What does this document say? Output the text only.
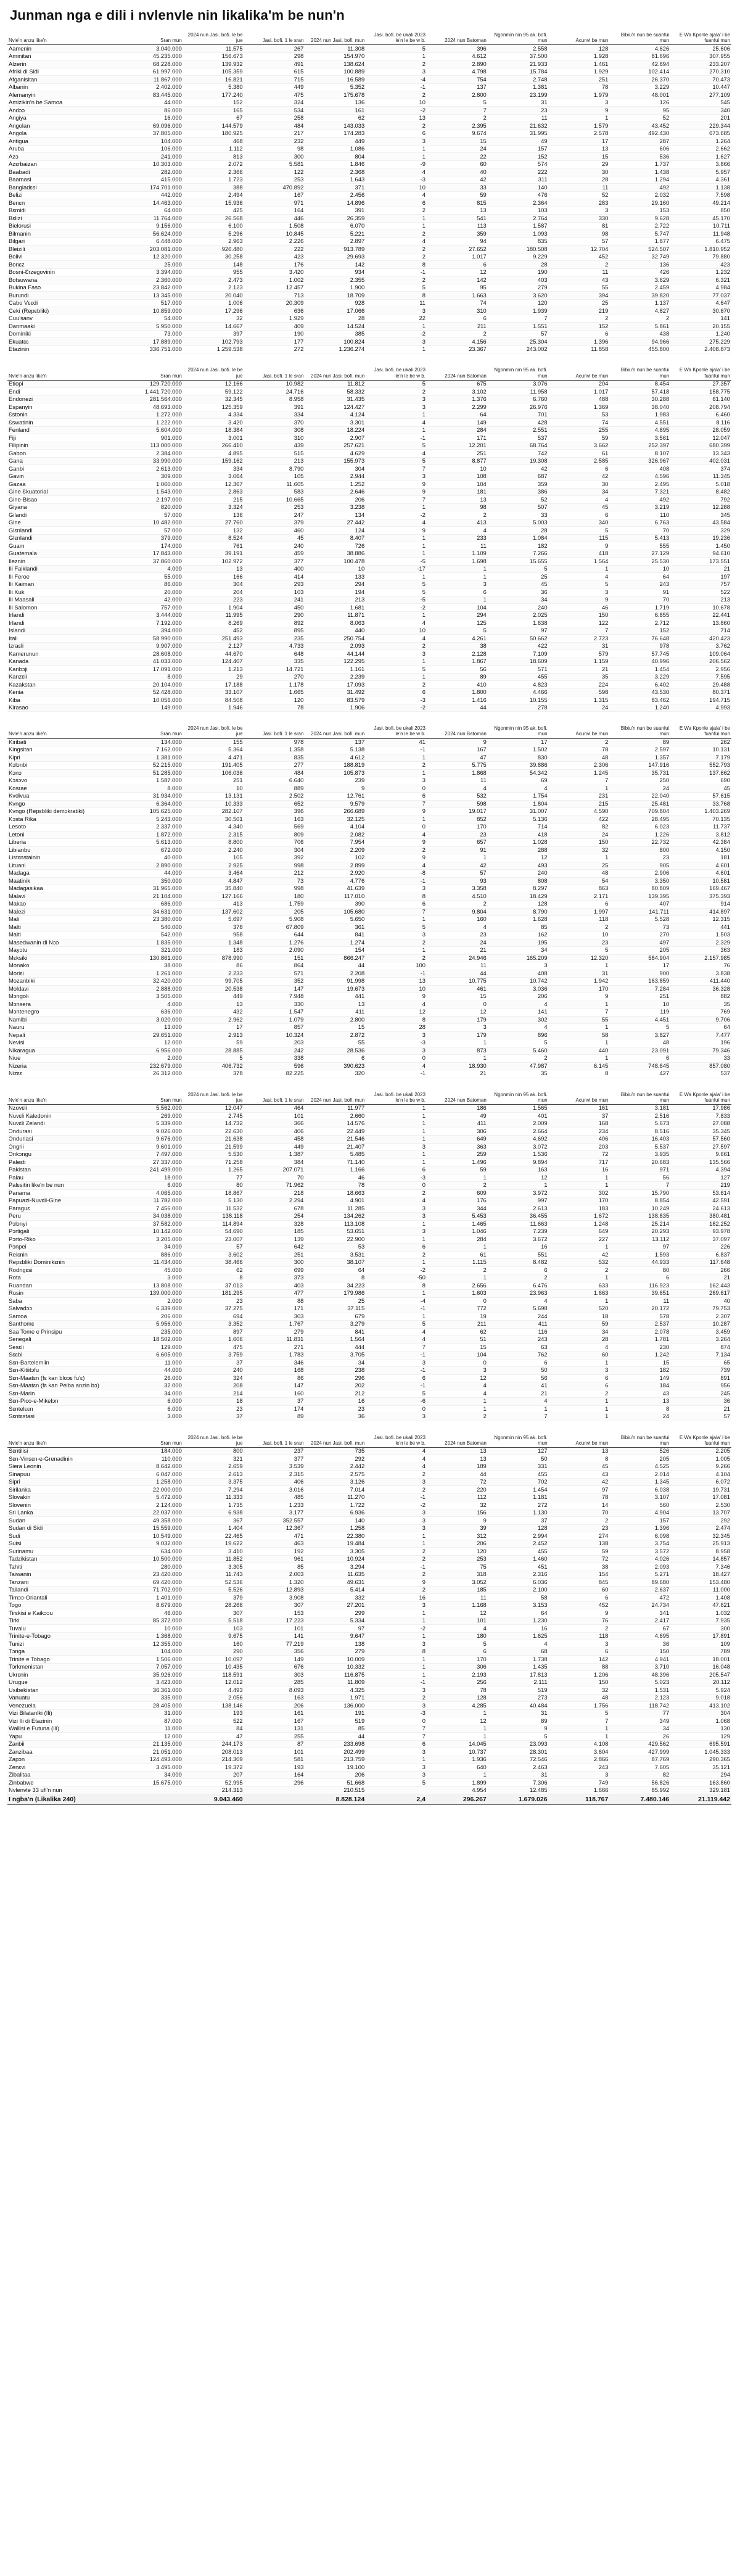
Junman nga e dili i nvlenvle nin likalika'm be nun'n
Nvle'n anzu like'n	Sran mun	2024 nun Jasi. bofi. le be jue	Jasi. bofi. 1 le sran	2024 nun Jasi. bofi. mun	Jasi. bofi. be ukali 2023 le'n le be w b.	2024 nun Batoman	Ngonmin nin 95 ak. bofi. mun	Acunvi be mun	Bibiu'n nun be suanfui mun	E Wa Kponle ajala' i be fuanfui mun
Aamenin	3.040.000	11.575	267	11.308	5	396	2.558	128	4.626	25.606
Aminitan	45.235.000	156.673	298	154.970	1	4.612	37.500	1.928	81.696	307.955
Alzerin	68.228.000	139.932	491	138.624	2	2.890	21.933	1.461	42.894	233.207
Afriki di Sidi	61.997.000	105.359	615	100.889	3	4.798	15.784	1.929	102.414	270.310
Afganisitan	11.867.000	16.821	715	16.589	-4	754	2.748	251	26.370	70.473
Albanin	2.402.000	5.380	449	5.352	-1	137	1.381	78	3.229	10.447
Alemanyin	83.445.000	177.240	475	175.678	2	2.800	23.199	1.979	48.001	277.109
Amizikin'n be Samoa	44.000	152	324	136	10	5	31	3	126	545
Andɔɔ	86.000	165	534	161	-2	7	23	9	95	340
Angiya	16.000	67	258	62	13	2	11	1	52	201
Angolan	69.096.000	144.579	484	143.033	2	2.395	21.632	1.579	43.452	229.344
Angola	37.805.000	180.925	217	174.283	6	9.674	31.995	2.578	492.430	673.685
Antigua	104.000	468	232	449	3	15	49	17	287	1.264
Aruba	106.000	1.112	98	1.086	1	24	157	13	606	2.662
Azɔ	241.000	813	300	804	1	22	152	15	536	1.627
Azɛrbaizan	10.303.000	2.072	5.581	1.846	-9	60	574	29	1.737	3.866
Baabadi	282.000	2.366	122	2.368	4	40	222	30	1.438	5.957
Baamasi	415.000	1.723	253	1.643	-3	42	311	28	1.294	4.361
Bangladɛsi	174.701.000	388	470.892	371	10	33	140	11	492	1.138
Belizi	442.000	2.494	167	2.456	4	59	476	52	2.032	7.598
Benɛn	14.463.000	15.936	971	14.896	6	815	2.364	283	29.160	49.214
Bɛmidi	64.000	425	164	391	2	13	103	3	153	850
Bɛlizi	11.764.000	26.568	446	26.359	1	541	2.764	330	9.628	45.170
Bielorusi	9.156.000	6.100	1.508	6.070	1	113	1.587	81	2.722	10.711
Bilmanin	56.624.000	5.296	10.845	5.221	2	359	1.093	98	5.747	11.948
Bilgari	6.448.000	2.963	2.226	2.897	4	94	835	57	1.877	6.475
Bleizili	203.081.000	926.480	222	913.789	2	27.652	180.508	12.704	524.507	1.810.952
Bolivi	12.320.000	30.258	423	29.693	2	1.017	9.229	452	32.749	79.880
Bonɛz	25.000	148	176	142	8	6	28	2	136	423
Bosni-Ɛrzegovinin	3.394.000	955	3.420	934	-1	12	190	11	426	1.232
Botsuwana	2.360.000	2.473	1.002	2.355	2	142	403	43	3.629	6.321
Bukina Faso	23.842.000	2.123	12.457	1.900	5	95	279	55	2.459	4.984
Burundi	13.345.000	20.040	713	18.709	8	1.663	3.620	394	39.820	77.037
Cabo Vɛɛdi	517.000	1.006	20.309	928	11	74	120	25	1.137	4.647
Ceki (Repɛbliki)	10.859.000	17.296	636	17.066	3	310	1.939	219	4.827	30.670
Cuu'sanv	54.000	32	1.929	28	22	6	7	2	2	141
Danmaaki	5.950.000	14.667	409	14.524	1	211	1.551	152	5.861	20.155
Dominiki	73.000	397	190	385	-2	2	57	6	438	1.240
Ekuatɛɛ	17.889.000	102.793	177	100.824	3	4.156	25.304	1.396	94.966	275.229
Etazinin	336.751.000	1.259.538	272	1.236.274	1	23.367	243.002	11.858	455.800	2.408.873
Nvle'n anzu like'n	Sran mun	2024 nun Jasi. bofi. le be jue	Jasi. bofi. 1 le sran	2024 nun Jasi. bofi. mun	Jasi. bofi. be ukali 2023 le'n le be w b.	2024 nun Batoman	Ngonmin nin 95 ak. bofi. mun	Acunvi be mun	Bibiu'n nun be suanfui mun	E Wa Kponle ajala' i be fuanfui mun
Etiopi	129.720.000	12.166	10.982	11.812	5	675	3.076	204	8.454	27.357
Endi	1.441.720.000	59.122	24.716	58.332	2	3.102	11.958	1.017	57.418	158.775
Endonezi	281.564.000	32.345	8.958	31.435	3	1.376	6.760	488	30.288	61.140
Espanyin	48.693.000	125.359	391	124.427	3	2.299	26.976	1.369	38.040	208.794
Ɛstonin	1.272.000	4.334	334	4.124	1	64	701	53	1.983	6.460
Ɛswatinin	1.222.000	3.420	370	3.301	4	149	428	74	4.551	8.116
Fenland	5.604.000	18.384	308	18.224	1	284	2.551	255	4.895	28.059
Fiji	901.000	3.001	310	2.907	-1	171	537	59	3.561	12.047
Filipinin	113.000.000	266.410	439	257.621	5	12.201	68.764	3.662	252.397	680.399
Gabon	2.384.000	4.895	515	4.629	4	251	742	61	8.107	13.343
Gana	33.990.000	159.162	213	155.973	5	8.877	19.308	2.585	326.967	402.031
Ganbi	2.613.000	334	8.790	304	7	10	42	6	408	374
Gavin	309.000	3.064	105	2.944	3	108	687	42	4.596	11.345
Gazaa	1.060.000	12.367	11.605	1.252	9	104	359	30	2.495	5.018
Gine Ɛkuatorial	1.543.000	2.863	583	2.646	9	181	386	34	7.321	8.482
Gine-Bisao	2.197.000	215	10.665	206	7	13	52	4	492	792
Giyana	820.000	3.324	253	3.238	1	98	507	45	3.219	12.288
Gilandi	57.000	136	247	134	-2	2	33	6	110	345
Gine	10.482.000	27.760	379	27.442	4	413	5.003	340	6.763	43.584
Glɛnlandi	57.000	132	460	124	9	4	28	5	70	329
Glɛnlandi	379.000	8.524	45	8.407	1	233	1.084	115	5.413	19.236
Guam	174.000	761	240	726	1	11	182	9	555	1.450
Guatemala	17.843.000	39.191	459	38.886	1	1.109	7.266	418	27.129	94.610
Ileznin	37.860.000	102.972	377	100.478	-5	1.698	15.655	1.564	25.530	173.551
Ili Falklandi	4.000	13	400	10	-17	1	5	1	10	21
Ili Feroe	55.000	166	414	133	1	1	25	4	64	197
Ili Kaiman	86.000	304	293	294	5	3	45	5	243	757
Ili Kuk	20.000	204	103	194	5	6	36	3	91	522
Ili Maasali	42.000	223	241	213	-5	1	34	9	70	213
Ili Salomon	757.000	1.904	450	1.681	-2	104	240	46	1.719	10.678
Irlandi	3.444.000	11.995	290	11.871	1	294	2.025	150	6.855	22.441
Irlandi	7.192.000	8.269	892	8.063	4	125	1.638	122	2.712	13.860
Islandi	394.000	452	895	440	10	5	97	7	152	714
Itali	58.990.000	251.493	235	250.754	4	4.261	50.662	2.723	76.648	420.423
Izraɛli	9.907.000	2.127	4.733	2.093	2	38	422	31	978	3.762
Kamerunun	28.608.000	44.670	648	44.144	3	2.128	7.109	579	57.745	109.064
Kanada	41.033.000	124.407	335	122.295	1	1.867	18.609	1.159	40.996	206.562
Kanbɔji	17.091.000	1.213	14.721	1.161	5	56	571	21	1.454	2.956
Kanzɛli	8.000	29	270	2.239	1	89	455	35	3.229	7.595
Kazakstan	20.104.000	17.188	1.178	17.093	2	410	4.823	224	6.402	29.488
Kenia	52.428.000	33.107	1.665	31.492	6	1.800	4.466	598	43.530	80.371
Kiba	10.056.000	84.508	120	83.579	-3	1.416	10.155	1.315	83.462	194.715
Kirasao	149.000	1.946	78	1.906	-2	44	278	24	1.240	4.993
Nvle'n anzu like'n	Sran mun	2024 nun Jasi. bofi. le be jue	Jasi. bofi. 1 le sran	2024 nun Jasi. bofi. mun	Jasi. bofi. be ukali 2023 le'n le be w b.	2024 nun Batoman	Ngonmin nin 95 ak. bofi. mun	Acunvi be mun	Bibiu'n nun be suanfui mun	E Wa Kponle ajala' i be fuanfui mun
Kiribati	134.000	155	978	137	41	9	17	2	89	262
Kingsitan	7.162.000	5.364	1.358	5.138	-1	167	1.502	78	2.597	10.131
Kipri	1.381.000	4.471	835	4.612	1	47	830	48	1.357	7.179
Kɔlɔnbi	52.215.000	191.405	277	188.819	2	5.775	39.886	2.306	147.916	552.793
Kɔnɔ	51.285.000	106.036	484	105.873	1	1.868	54.342	1.245	35.731	137.662
Kɔsɔvo	1.587.000	251	6.640	239	3	11	69	7	250	690
Kosrae	8.000	10	889	9	0	4	4	1	24	45
Kvdivua	31.934.000	13.131	2.502	12.761	6	532	1.754	231	22.040	57.615
Kvngo	6.364.000	10.333	652	9.579	7	598	1.804	215	25.481	33.768
Kvngo (Repɛbliki demɔkratiki)	105.625.000	282.107	396	266.689	9	19.017	31.007	4.590	709.804	1.403.269
Kɔsta Rika	5.243.000	30.501	163	32.125	1	852	5.136	422	28.495	70.135
Lesoto	2.337.000	4.340	569	4.104	0	170	714	82	6.023	11.737
Letoni	1.872.000	2.315	809	2.082	4	23	418	24	1.226	3.812
Liberia	5.613.000	8.800	706	7.954	9	657	1.028	150	22.732	42.384
Libianbu	672.000	2.240	304	2.209	2	91	288	32	800	4.150
Listɛnstainin	40.000	105	392	102	9	1	12	1	23	181
Lituani	2.890.000	2.925	998	2.899	4	42	493	25	905	4.601
Madaga	44.000	3.464	212	2.920	-8	57	240	48	2.906	4.601
Maatinik	350.000	4.847	73	4.776	-1	93	808	54	3.350	10.581
Madagasikaa	31.965.000	35.840	998	41.639	3	3.358	8.297	863	80.809	169.467
Malavi	21.104.000	127.166	180	117.010	8	4.510	18.429	2.171	139.395	375.393
Makao	686.000	413	1.759	390	6	2	128	6	407	914
Malezi	34.631.000	137.602	205	105.680	7	9.804	8.790	1.997	141.711	414.897
Mali	23.380.000	5.697	5.908	5.650	1	160	1.628	118	5.528	12.315
Malti	540.000	378	67.809	361	5	4	85	2	73	441
Malti	542.000	958	644	841	3	23	162	10	270	1.503
Masedwanin di Nɔɔ	1.835.000	1.348	1.276	1.274	2	24	195	23	497	2.329
Mayɔtu	321.000	183	2.090	154	1	21	34	5	205	363
Mɛksiki	130.861.000	878.990	151	866.247	2	24.946	165.209	12.320	584.904	2.157.985
Monako	38.000	86	864	44	100	11	3	1	17	76
Moriɛi	1.261.000	2.233	571	2.208	-1	44	408	31	900	3.838
Mozanbiki	32.420.000	99.705	352	91.998	13	10.775	10.742	1.942	163.859	411.440
Moldavi	2.888.000	20.538	147	19.673	10	461	3.036	170	7.284	36.328
Mɔngoli	3.505.000	449	7.948	441	9	15	206	9	251	882
Mɔnsera	4.000	13	330	13	4	0	4	1	10	35
Mɔntenegro	636.000	432	1.547	411	12	12	141	7	119	769
Namibi	3.020.000	2.962	1.079	2.800	8	179	302	55	4.451	9.706
Nauru	13.000	17	857	15	28	3	4	1	5	64
Nepali	29.651.000	2.913	10.324	2.872	3	179	896	58	3.827	7.477
Nevisi	12.000	59	203	55	-3	1	5	1	48	196
Nikaragua	6.956.000	28.885	242	28.536	3	873	5.460	440	23.091	79.346
Niue	2.000	5	338	6	0	1	2	1	6	33
Nizeria	232.679.000	406.732	596	390.623	4	18.930	47.987	6.145	748.645	857.080
Nizɛɛ	26.312.000	378	82.225	320	-1	21	35	8	427	537
Nvle'n anzu like'n	Sran mun	2024 nun Jasi. bofi. le be jue	Jasi. bofi. 1 le sran	2024 nun Jasi. bofi. mun	Jasi. bofi. be ukali 2023 le'n le be w b.	2024 nun Batoman	Ngonmin nin 95 ak. bofi. mun	Acunvi be mun	Bibiu'n nun be suanfui mun	E Wa Kponle ajala' i be fuanfui mun
Nzovɛli	5.562.000	12.047	464	11.977	1	186	1.565	161	3.181	17.986
Nuvɛli Kaledonin	269.000	2.745	101	2.660	1	49	401	37	2.516	7.833
Nuvɛli Zelandi	5.339.000	14.732	366	14.576	1	411	2.009	168	5.673	27.088
Ɔndurasi	9.026.000	22.630	406	22.449	1	306	2.664	234	8.516	35.345
Ɔnduriasi	9.676.000	21.638	458	21.546	1	649	4.692	406	16.403	57.560
Ɔngrii	9.601.000	21.599	449	21.407	3	363	3.072	203	5.537	27.597
Ɔnkɔngu	7.497.000	5.530	1.387	5.485	1	259	1.536	72	3.935	9.661
Paleɛti	27.337.000	71.258	384	71.140	1	1.496	9.894	717	20.683	135.566
Pakistan	241.499.000	1.265	207.071	1.166	6	59	163	16	971	4.394
Palau	18.000	77	70	46	-3	1	12	1	56	127
Palɛsitin like'n be nun	6.000	80	71.962	78	0	2	1	1	7	219
Panama	4.065.000	18.867	218	18.663	2	609	3.972	302	15.790	53.614
Papuazi-Nuvɛli-Gine	11.782.000	5.130	2.294	4.901	4	176	997	170	8.854	42.591
Paraguɛ	7.456.000	11.532	678	11.285	3	344	2.613	183	10.249	24.613
Peru	34.038.000	138.118	254	134.262	3	5.453	36.455	1.672	138.835	380.481
Pɔlɔnyi	37.582.000	114.894	328	113.108	1	1.465	11.663	1.248	25.214	182.252
Pɔrtigali	10.142.000	54.690	185	53.651	3	1.046	7.239	649	20.293	93.978
Pɔrto-Riko	3.205.000	23.007	139	22.900	1	284	3.672	227	13.112	37.097
Pɔnpei	34.000	57	642	53	6	1	16	1	97	226
Reiɛnin	886.000	3.602	251	3.531	2	61	551	42	1.593	6.837
Repɛbliki Dominikɛnin	11.434.000	38.466	300	38.107	1	1.115	8.482	532	44.933	117.648
Rodrigɛsi	45.000	62	699	64	-2	2	6	2	80	266
Rota	3.000	8	373	8	-50	1	2	1	6	21
Ruandan	13.808.000	37.013	403	34.223	8	2.656	6.476	633	116.923	162.443
Rusin	139.000.000	181.295	477	179.986	1	1.603	23.963	1.663	39.651	269.617
Saba	2.000	23	88	25	-4	0	4	1	11	40
Salvadɔɔ	6.339.000	37.275	171	37.115	-1	772	5.698	520	20.172	79.753
Samoa	206.000	694	303	679	1	19	244	18	578	2.307
Santhɔmɛ	5.956.000	3.352	1.767	3.279	5	211	411	59	2.537	10.287
Saa Tome e Prinsipu	235.000	897	279	841	4	62	116	34	2.078	3.459
Senegali	18.502.000	1.606	11.831	1.564	4	51	243	28	1.781	3.264
Sesɛli	129.000	475	271	444	7	15	63	4	230	874
Sɛɛbi	6.605.000	3.759	1.783	3.705	-1	104	762	60	1.242	7.134
Sɛn-Bartelemiin	11.000	37	346	34	3	0	6	1	15	65
Sɛn-Kitiitɔfu	44.000	240	168	238	-1	3	50	3	182	739
Sɛn-Maatɛn (fɛ kan bloɔɛ fu'ɛ)	26.000	324	86	296	6	12	56	6	149	891
Sɛn-Maatɛn (fɛ kan Peiba anzin bɔ)	32.000	208	147	202	-1	4	41	6	184	956
Sɛn-Marin	34.000	214	160	212	5	4	21	2	43	245
Sɛn-Pico-e-Mikelɔn	6.000	18	37	16	-6	1	4	1	13	36
Sɛntelɛɛn	6.000	23	174	23	0	1	1	1	8	21
Sɛntɛstasi	3.000	37	89	36	3	2	7	1	24	57
Nvle'n anzu like'n	Sran mun	2024 nun Jasi. bofi. le be jue	Jasi. bofi. 1 le sran	2024 nun Jasi. bofi. mun	Jasi. bofi. be ukali 2023 le'n le be w b.	2024 nun Batoman	Ngonmin nin 95 ak. bofi. mun	Acunvi be mun	Bibiu'n nun be suanfui mun	E Wa Kponle ajala' i be fuanfui mun
Sɛntilisi	184.000	800	237	735	4	13	127	13	526	2.205
Sɛn-Vinsɛn-e-Grenadinin	110.000	321	377	292	4	13	50	8	205	1.005
Siera Leonin	8.642.000	2.659	3.539	2.442	4	189	331	45	4.525	9.266
Sinapuu	6.047.000	2.613	2.315	2.575	2	44	455	43	2.014	4.104
Sipri	1.258.000	3.375	406	3.126	3	72	702	42	1.345	6.072
Sirilanka	22.000.000	7.294	3.016	7.014	2	220	1.454	97	6.038	19.731
Slovakin	5.472.000	11.333	485	11.270	-1	112	1.181	78	3.107	17.081
Slovenin	2.124.000	1.735	1.233	1.722	-2	32	272	14	560	2.530
Sri Lanka	22.037.000	6.938	3.177	6.936	3	156	1.130	70	4.904	13.707
Sudan	49.358.000	367	352.557	140	3	9	37	2	157	292
Sudan di Sidi	15.559.000	1.404	12.367	1.258	3	39	128	23	1.396	2.474
Sudi	10.549.000	22.465	471	22.380	1	312	2.994	274	6.098	32.345
Suisi	9.032.000	19.622	463	19.484	1	206	2.452	138	3.754	25.913
Surinamu	634.000	3.410	192	3.305	2	120	455	59	3.572	8.958
Tadzikistan	10.500.000	11.852	961	10.924	2	253	1.460	72	4.026	14.857
Tahiti	280.000	3.305	85	3.294	-1	75	451	38	2.093	7.346
Taiwanin	23.420.000	11.743	2.003	11.635	2	318	2.316	154	5.271	18.427
Tanzani	69.420.000	52.536	1.320	49.631	9	3.052	6.036	845	89.680	153.480
Tailandi	71.702.000	5.526	12.893	5.414	2	185	2.100	60	2.637	11.000
Timɔɔ-Oriantali	1.401.000	379	3.908	332	16	11	58	6	472	1.408
Togo	8.679.000	28.266	307	27.201	3	1.168	3.153	452	24.734	47.621
Tirɛkisi e Kaikɔɔu	46.000	307	153	299	1	12	64	9	341	1.032
Tirki	85.372.000	5.518	17.223	5.334	1	101	1.230	76	2.417	7.935
Tuvalu	10.000	103	101	97	-2	4	16	2	67	300
Trinite-e-Tobago	1.368.000	9.675	141	9.647	1	180	1.625	118	4.695	17.891
Tunizi	12.355.000	160	77.219	138	3	5	4	3	36	109
Tɔnga	104.000	290	356	279	8	6	68	6	150	789
Trinite e Tobago	1.506.000	10.097	149	10.009	1	170	1.738	142	4.941	18.001
Tɔrkmenistan	7.057.000	10.435	676	10.332	1	306	1.435	88	3.710	16.048
Ukrɛnin	35.926.000	118.591	303	116.875	1	2.193	17.813	1.206	48.396	205.547
Urugue	3.423.000	12.012	285	11.809	-1	256	2.111	150	5.023	20.112
Usibekistan	36.361.000	4.493	8.093	4.325	3	78	519	32	1.531	5.924
Vanuatu	335.000	2.056	163	1.971	2	128	273	48	2.123	9.018
Venezuela	28.405.000	138.146	206	136.000	3	4.285	40.484	1.756	118.742	413.102
Vizi Bilatanlki (Ili)	31.000	193	161	191	-3	1	31	5	77	304
Vizi Ili di Etazinin	87.000	522	167	519	0	12	89	7	349	1.068
Wallisi e Futuna (Ili)	11.000	84	131	85	7	1	9	1	34	130
Yapu	12.000	47	255	44	7	1	5	1	26	129
Zanbii	21.135.000	244.173	87	233.698	6	14.045	23.093	4.108	429.562	695.591
Zanzibaa	21.051.000	208.013	101	202.499	3	10.737	28.301	3.604	427.999	1.045.333
Zapɔn	124.493.000	214.309	581	213.759	1	1.936	72.546	2.866	87.769	290.365
Zenɛvi	3.495.000	19.372	193	19.100	3	640	2.463	243	7.605	35.121
Zibalitaa	34.000	207	164	206	3	1	31	3	82	294
Zinbabwe	15.675.000	52.995	296	51.668	5	1.899	7.306	749	56.826	163.860
Nvlenvle 33 ufl'n nun		214.313		210.515		4.954	12.485	1.666	85.992	329.181
I ngba'n (Likalika 240)		9.043.460		8.828.124	2,4	296.267	1.679.026	118.767	7.480.146	21.119.442
